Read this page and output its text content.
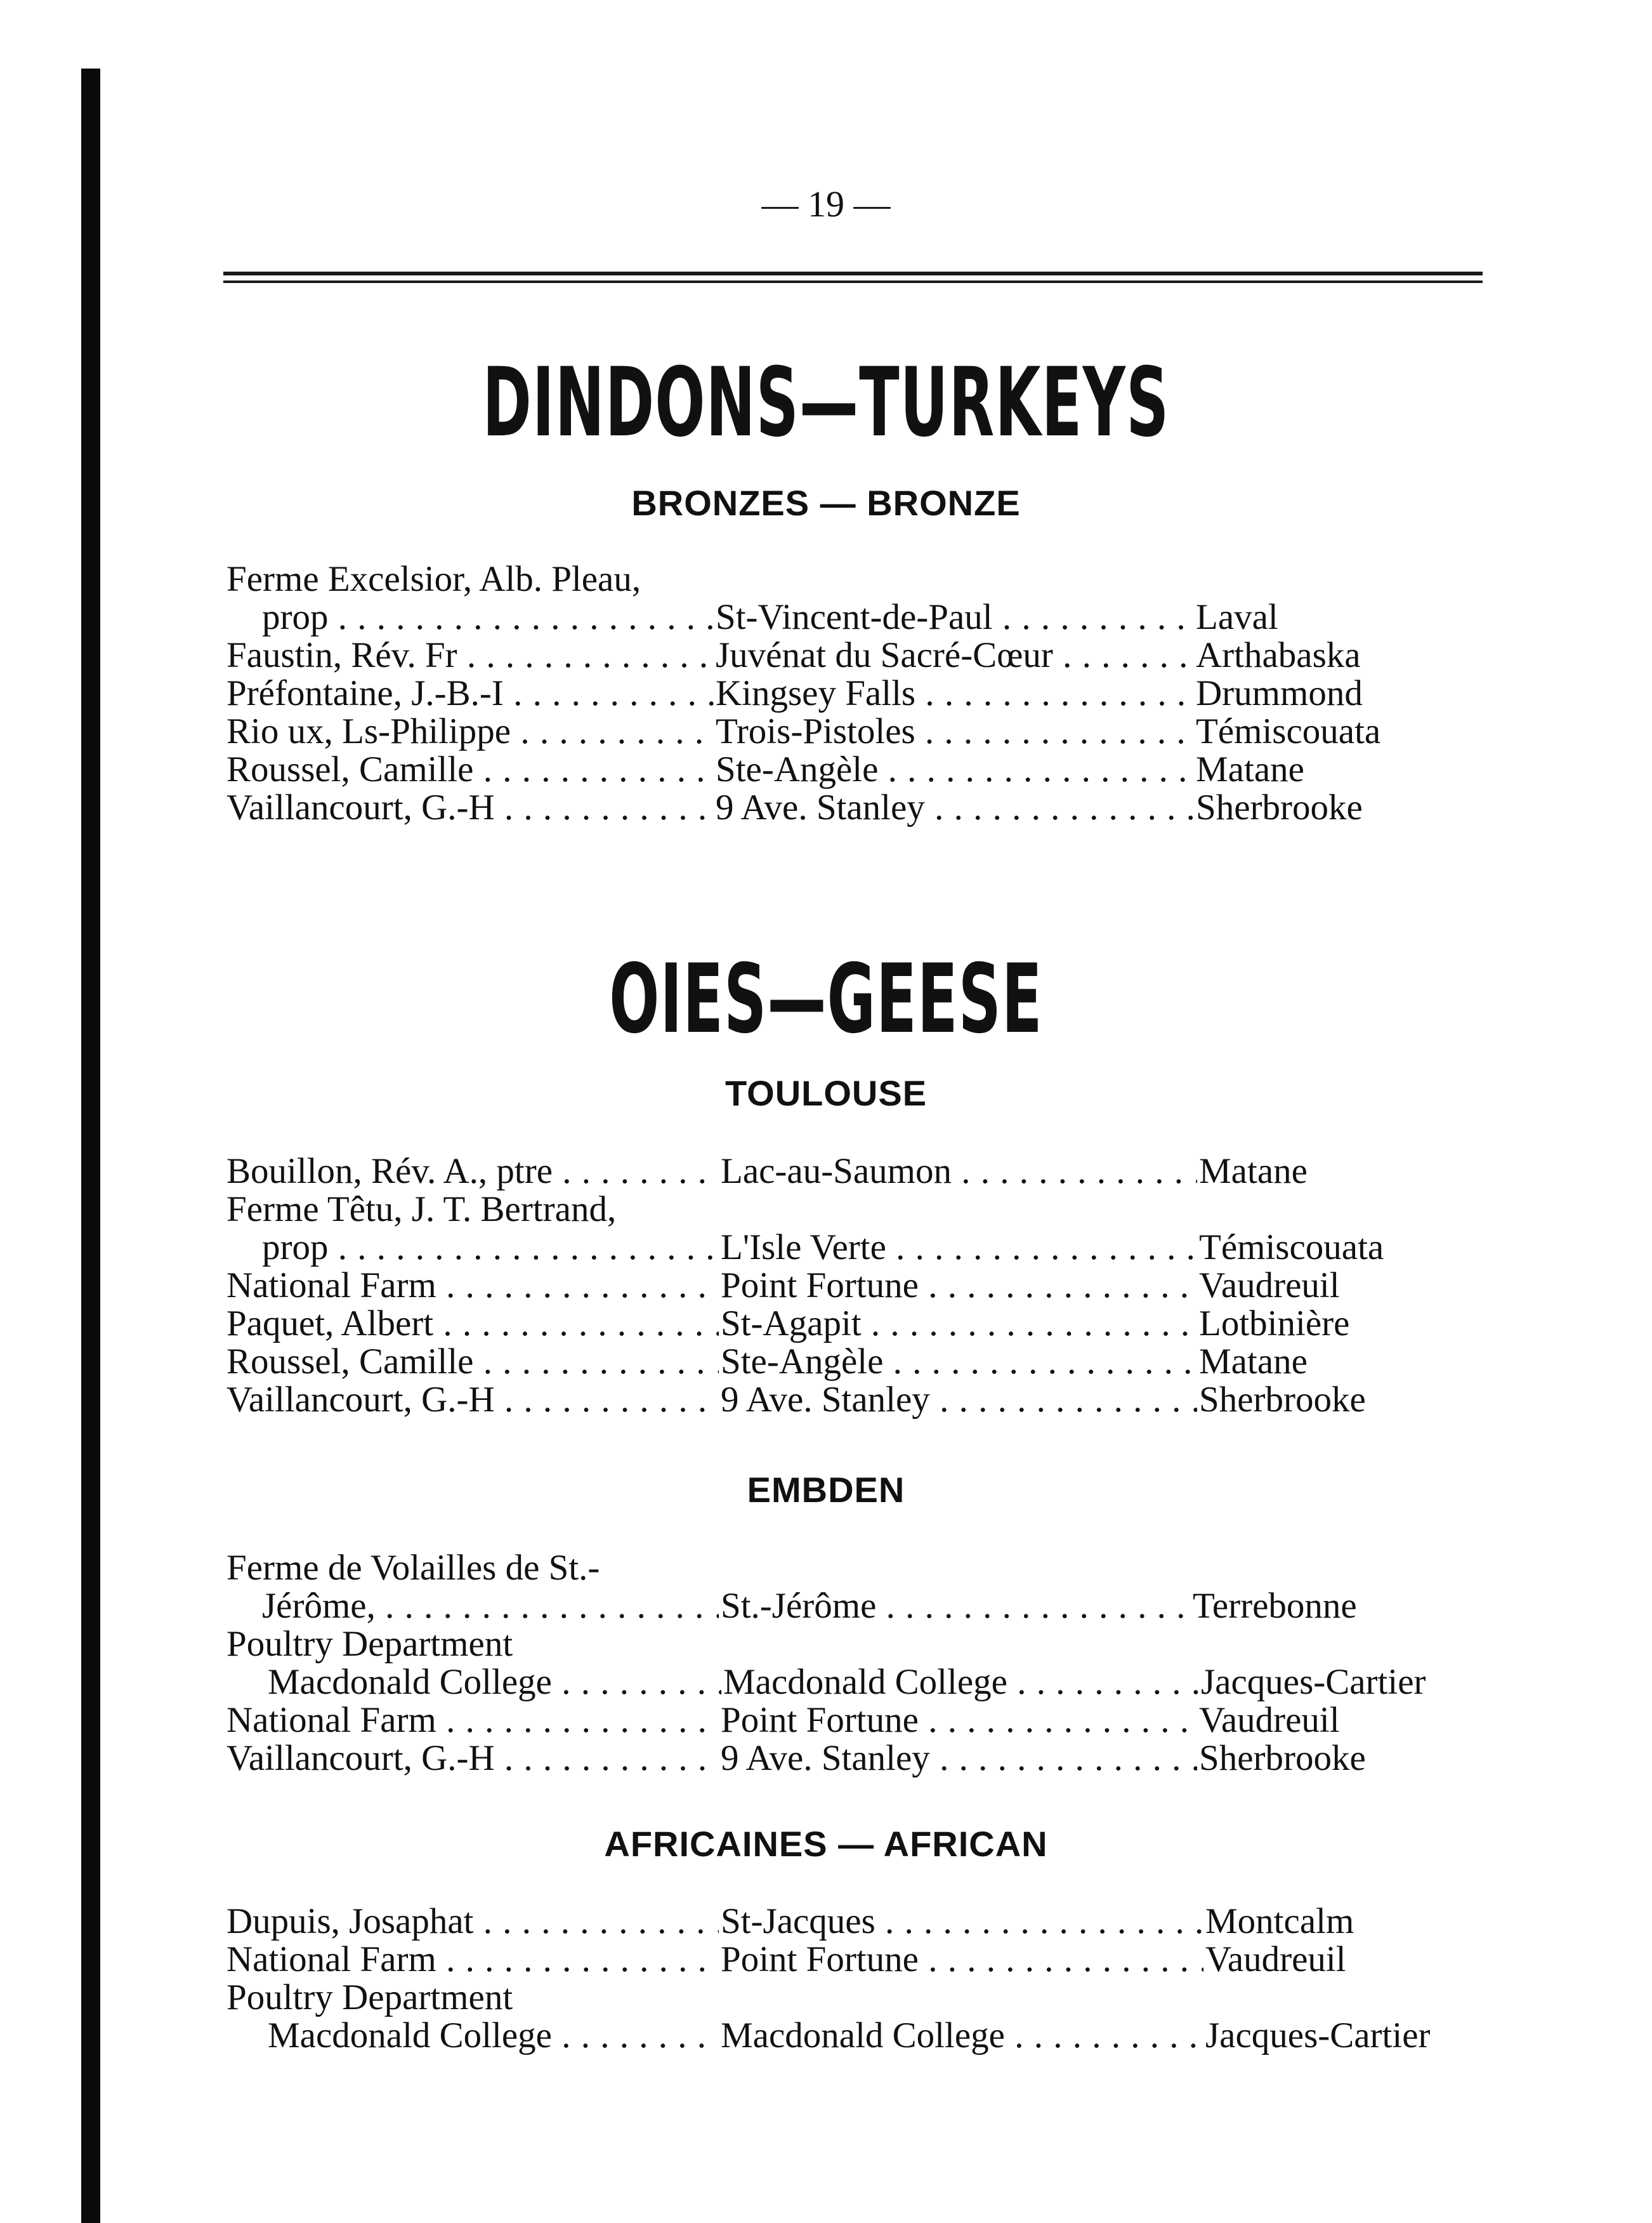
— 19 —
DINDONS—TURKEYS
BRONZES — BRONZE
Ferme Excelsior, Alb. Pleau,
prop . . .	St-Vincent-de-Paul . . .	Laval
Faustin, Rév. Fr . . .	Juvénat du Sacré-Cœur . . .	Arthabaska
Préfontaine, J.-B.-I . . .	Kingsey Falls . . .	Drummond
Rio ux, Ls-Philippe . . .	Trois-Pistoles . . .	Témiscouata
Roussel, Camille . . .	Ste-Angèle . . .	Matane
Vaillancourt, G.-H . . .	9 Ave. Stanley . . .	Sherbrooke
OIES—GEESE
TOULOUSE
Bouillon, Rév. A., ptre . . .	Lac-au-Saumon . . .	Matane
Ferme Têtu, J. T. Bertrand,
prop . . .	L'Isle Verte . . .	Témiscouata
National Farm . . .	Point Fortune . . .	Vaudreuil
Paquet, Albert . . .	St-Agapit . . .	Lotbinière
Roussel, Camille . . .	Ste-Angèle . . .	Matane
Vaillancourt, G.-H . . .	9 Ave. Stanley . . .	Sherbrooke
EMBDEN
Ferme de Volailles de St.-
Jérôme, . . .	St.-Jérôme . . .	Terrebonne
Poultry Department
Macdonald College . . .	Macdonald College . . .	Jacques-Cartier
National Farm . . .	Point Fortune . . .	Vaudreuil
Vaillancourt, G.-H . . .	9 Ave. Stanley . . .	Sherbrooke
AFRICAINES — AFRICAN
Dupuis, Josaphat . . .	St-Jacques . . .	Montcalm
National Farm . . .	Point Fortune . . .	Vaudreuil
Poultry Department
Macdonald College . . .	Macdonald College . . .	Jacques-Cartier
